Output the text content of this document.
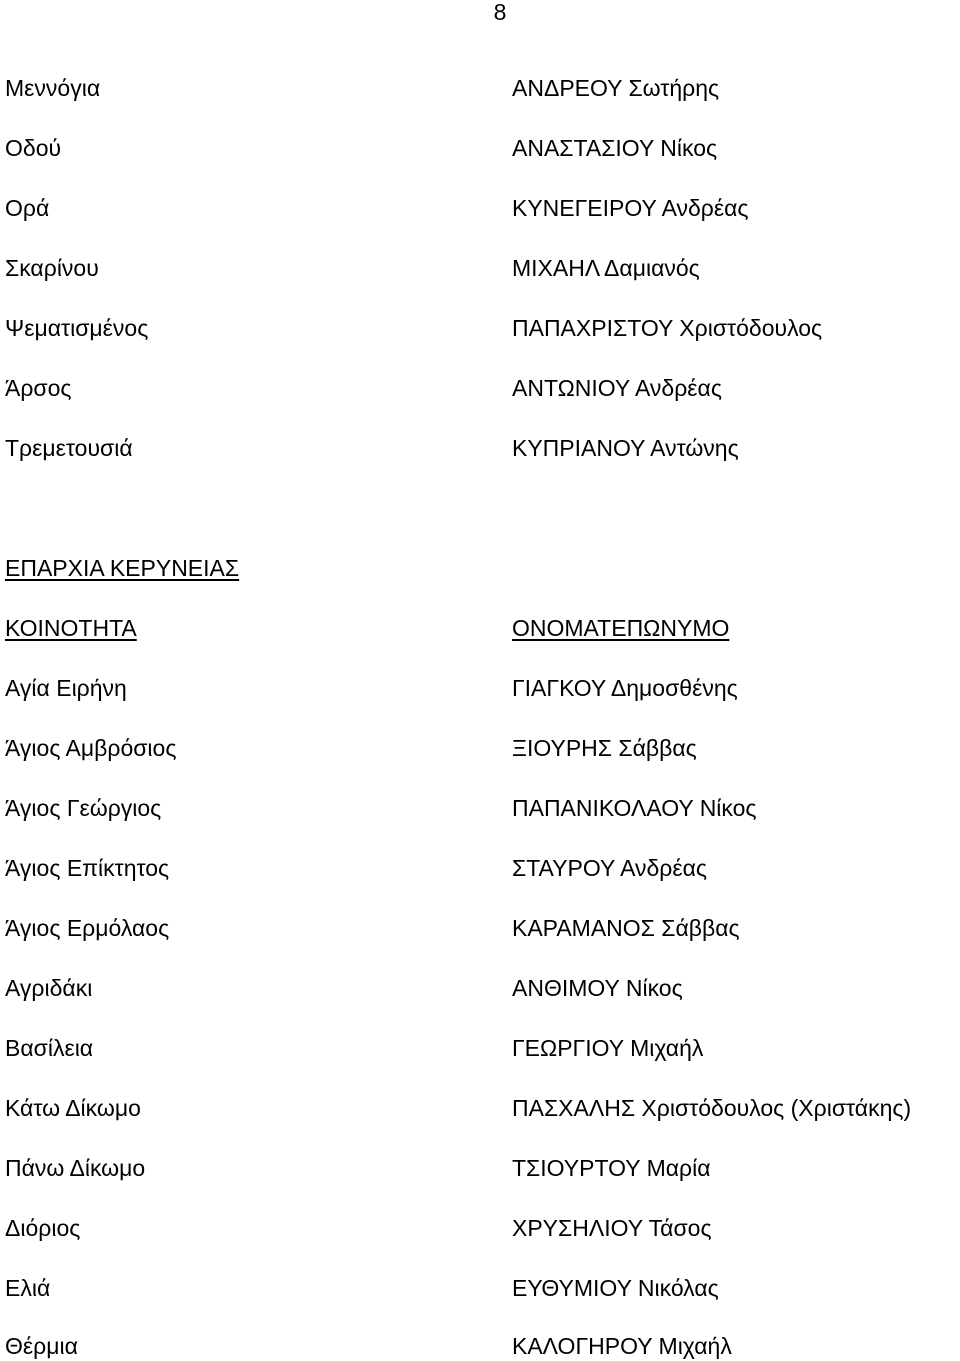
8
Μεννόγια	ΑΝΔΡΕΟΥ Σωτήρης
Οδού	ΑΝΑΣΤΑΣΙΟΥ Νίκος
Ορά	ΚΥΝΕΓΕΙΡΟΥ Ανδρέας
Σκαρίνου	ΜΙΧΑΗΛ Δαμιανός
Ψεματισμένος	ΠΑΠΑΧΡΙΣΤΟΥ Χριστόδουλος
Άρσος	ΑΝΤΩΝΙΟΥ Ανδρέας
Τρεμετουσιά	ΚΥΠΡΙΑΝΟΥ Αντώνης
ΕΠΑΡΧΙΑ ΚΕΡΥΝΕΙΑΣ
ΚΟΙΝΟΤΗΤΑ	ΟΝΟΜΑΤΕΠΩΝΥΜΟ
Αγία Ειρήνη	ΓΙΑΓΚΟΥ Δημοσθένης
Άγιος Αμβρόσιος	ΞΙΟΥΡΗΣ Σάββας
Άγιος Γεώργιος	ΠΑΠΑΝΙΚΟΛΑΟΥ Νίκος
Άγιος Επίκτητος	ΣΤΑΥΡΟΥ Ανδρέας
Άγιος Ερμόλαος	ΚΑΡΑΜΑΝΟΣ Σάββας
Αγριδάκι	ΑΝΘΙΜΟΥ Νίκος
Βασίλεια	ΓΕΩΡΓΙΟΥ Μιχαήλ
Κάτω Δίκωμο	ΠΑΣΧΑΛΗΣ Χριστόδουλος (Χριστάκης)
Πάνω Δίκωμο	ΤΣΙΟΥΡΤΟΥ Μαρία
Διόριος	ΧΡΥΣΗΛΙΟΥ Τάσος
Ελιά	ΕΥΘΥΜΙΟΥ Νικόλας
Θέρμια	ΚΑΛΟΓΗΡΟΥ Μιχαήλ
